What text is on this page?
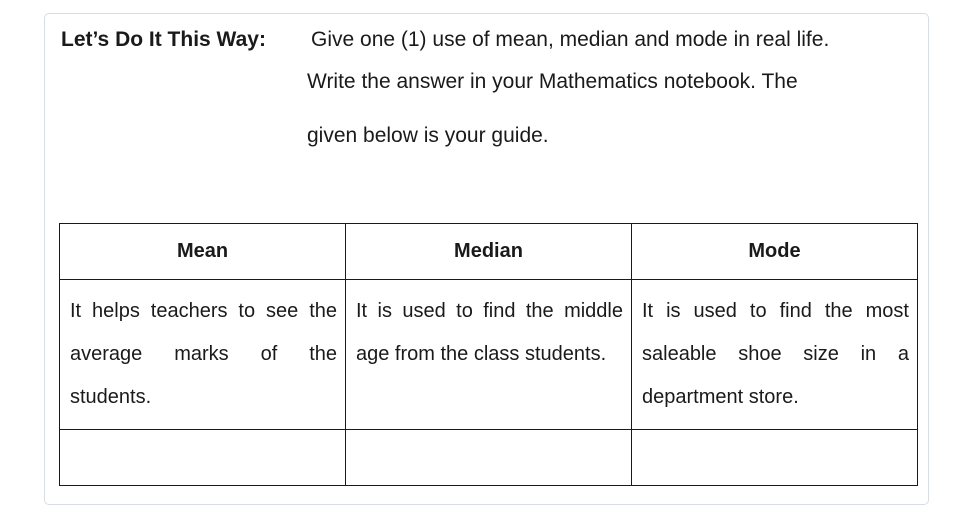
Let’s Do It This Way: Give one (1) use of mean, median and mode in real life.
Write the answer in your Mathematics notebook. The
given below is your guide.
Mean	Median	Mode
It helps teachers to see the average marks of the students.	It is used to find the middle age from the class students.	It is used to find the most saleable shoe size in a department store.
